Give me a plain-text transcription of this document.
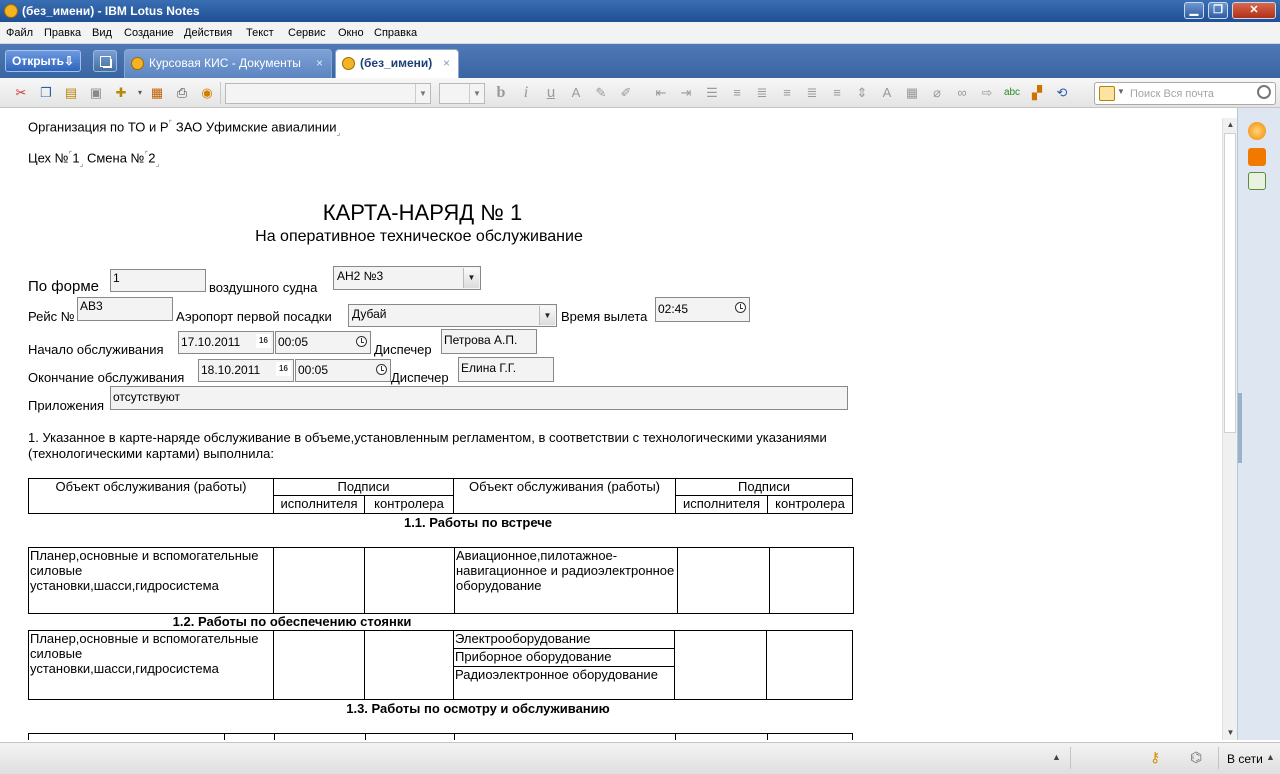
(без_имени) - IBM Lotus Notes	▁	❐	✕
Файл Правка Вид Создание Действия Текст Сервис Окно Справка
Открыть ⇩	Курсовая КИС - Документы ×	(без_имени) ×
✂ ❐ ▤ ▣ ✚	▾ ▦ ⎙ ◉	▼	▼ b	i	u	A	✎ ✐ ⇤ ⇥ ☰	≡	≣	≡	≣	≡	⇕	A	▦	⌀	∞	⇨	abc ▞	⟲	▼ Поиск Вся почта
Организация по ТО и Р⌜ ЗАО Уфимские авиалинии$_⌟$
Цех $№^⌜1_⌟$ Смена $№^⌜2_⌟$
КАРТА-НАРЯД № 1
На оперативное техническое обслуживание
По форме 1
воздушного судна
АН2 №3	▼
Рейс №
АВ3
Аэропорт первой посадки	Дубай	▼ Время вылета 02:45
Начало обслуживания 17.10.2011	16 00:05	Диспечер
Петрова А.П.
Окончание обслуживания 18.10.2011	16 00:05	Диспечер
Елина Г.Г.
Приложения
отсутствуют
1. Указанное в карте-наряде обслуживание в объеме,установленным регламентом, в соответствии с технологическими указаниями (технологическими картами) выполнила:
Объект обслуживания (работы)	Подписи		Объект обслуживания (работы)	Подписи	
	исполнителя	контролера		исполнителя	контролера
1.1. Работы по встрече
Планер,основные и вспомогательные силовые установки,шасси,гидросистема			Авиационное,пилотажное-навигационное и радиоэлектронное оборудование		
1.2. Работы по обеспечению стоянки
Планер,основные и вспомогательные силовые установки,шасси,гидросистема			Электрооборудование		
Приборное оборудование
Радиоэлектронное оборудование
1.3. Работы по осмотру и обслуживанию

▲
▼
▲	⚷ ⌬ В сети ▲
